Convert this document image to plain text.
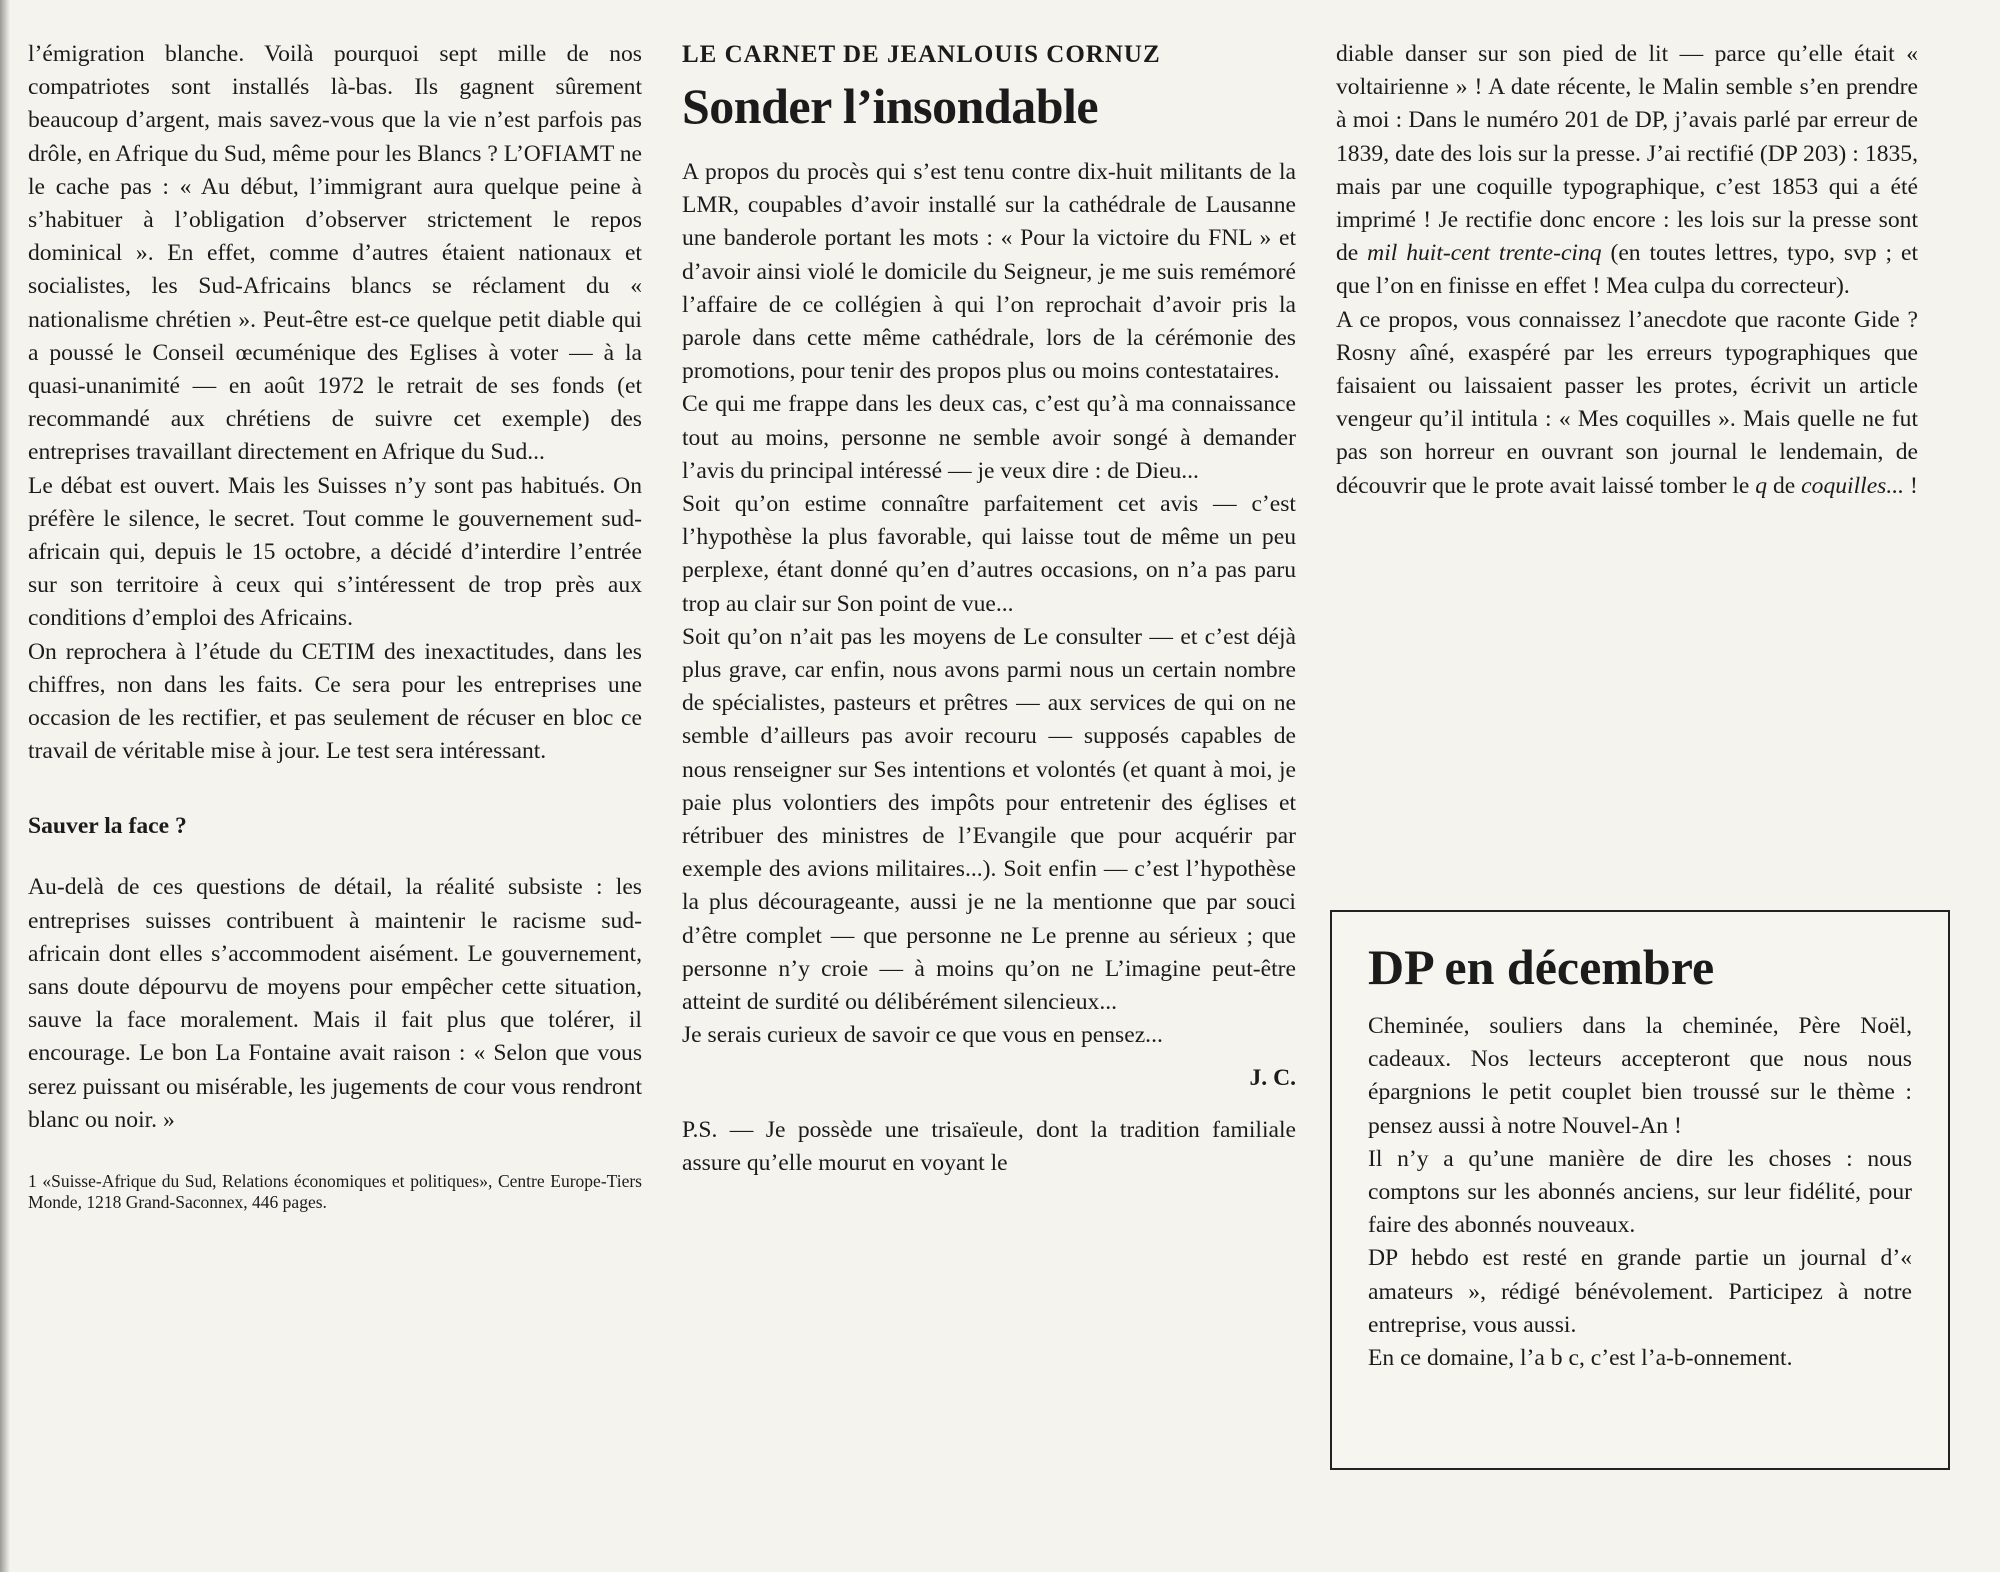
l’émigration blanche. Voilà pourquoi sept mille de nos compatriotes sont installés là-bas. Ils gagnent sûrement beaucoup d’argent, mais savez-vous que la vie n’est parfois pas drôle, en Afrique du Sud, même pour les Blancs ? L’OFIAMT ne le cache pas : « Au début, l’immigrant aura quelque peine à s’habituer à l’obligation d’observer strictement le repos dominical ». En effet, comme d’autres étaient nationaux et socialistes, les Sud-Africains blancs se réclament du « nationalisme chrétien ». Peut-être est-ce quelque petit diable qui a poussé le Conseil œcuménique des Eglises à voter — à la quasi-unanimité — en août 1972 le retrait de ses fonds (et recommandé aux chrétiens de suivre cet exemple) des entreprises travaillant directement en Afrique du Sud...

Le débat est ouvert. Mais les Suisses n’y sont pas habitués. On préfère le silence, le secret. Tout comme le gouvernement sud-africain qui, depuis le 15 octobre, a décidé d’interdire l’entrée sur son territoire à ceux qui s’intéressent de trop près aux conditions d’emploi des Africains.

On reprochera à l’étude du CETIM des inexactitudes, dans les chiffres, non dans les faits. Ce sera pour les entreprises une occasion de les rectifier, et pas seulement de récuser en bloc ce travail de véritable mise à jour. Le test sera intéressant.

Sauver la face ?

Au-delà de ces questions de détail, la réalité subsiste : les entreprises suisses contribuent à maintenir le racisme sud-africain dont elles s’accommodent aisément. Le gouvernement, sans doute dépourvu de moyens pour empêcher cette situation, sauve la face moralement. Mais il fait plus que tolérer, il encourage. Le bon La Fontaine avait raison : « Selon que vous serez puissant ou misérable, les jugements de cour vous rendront blanc ou noir. »

1 «Suisse-Afrique du Sud, Relations économiques et politiques», Centre Europe-Tiers Monde, 1218 Grand-Saconnex, 446 pages.
LE CARNET DE JEANLOUIS CORNUZ
Sonder l’insondable

A propos du procès qui s’est tenu contre dix-huit militants de la LMR, coupables d’avoir installé sur la cathédrale de Lausanne une banderole portant les mots : « Pour la victoire du FNL » et d’avoir ainsi violé le domicile du Seigneur, je me suis remémoré l’affaire de ce collégien à qui l’on reprochait d’avoir pris la parole dans cette même cathédrale, lors de la cérémonie des promotions, pour tenir des propos plus ou moins contestataires.

Ce qui me frappe dans les deux cas, c’est qu’à ma connaissance tout au moins, personne ne semble avoir songé à demander l’avis du principal intéressé — je veux dire : de Dieu...

Soit qu’on estime connaître parfaitement cet avis — c’est l’hypothèse la plus favorable, qui laisse tout de même un peu perplexe, étant donné qu’en d’autres occasions, on n’a pas paru trop au clair sur Son point de vue...

Soit qu’on n’ait pas les moyens de Le consulter — et c’est déjà plus grave, car enfin, nous avons parmi nous un certain nombre de spécialistes, pasteurs et prêtres — aux services de qui on ne semble d’ailleurs pas avoir recouru — supposés capables de nous renseigner sur Ses intentions et volontés (et quant à moi, je paie plus volontiers des impôts pour entretenir des églises et rétribuer des ministres de l’Evangile que pour acquérir par exemple des avions militaires...). Soit enfin — c’est l’hypothèse la plus décourageante, aussi je ne la mentionne que par souci d’être complet — que personne ne Le prenne au sérieux ; que personne n’y croie — à moins qu’on ne L’imagine peut-être atteint de surdité ou délibérément silencieux...

Je serais curieux de savoir ce que vous en pensez...

J. C.

P.S. — Je possède une trisaïeule, dont la tradition familiale assure qu’elle mourut en voyant le

diable danser sur son pied de lit — parce qu’elle était « voltairienne » ! A date récente, le Malin semble s’en prendre à moi : Dans le numéro 201 de DP, j’avais parlé par erreur de 1839, date des lois sur la presse. J’ai rectifié (DP 203) : 1835, mais par une coquille typographique, c’est 1853 qui a été imprimé ! Je rectifie donc encore : les lois sur la presse sont de mil huit-cent trente-cinq (en toutes lettres, typo, svp ; et que l’on en finisse en effet ! Mea culpa du correcteur).

A ce propos, vous connaissez l’anecdote que raconte Gide ? Rosny aîné, exaspéré par les erreurs typographiques que faisaient ou laissaient passer les protes, écrivit un article vengeur qu’il intitula : « Mes coquilles ». Mais quelle ne fut pas son horreur en ouvrant son journal le lendemain, de découvrir que le prote avait laissé tomber le q de coquilles... !

DP en décembre

Cheminée, souliers dans la cheminée, Père Noël, cadeaux. Nos lecteurs accepteront que nous nous épargnions le petit couplet bien troussé sur le thème : pensez aussi à notre Nouvel-An !

Il n’y a qu’une manière de dire les choses : nous comptons sur les abonnés anciens, sur leur fidélité, pour faire des abonnés nouveaux.

DP hebdo est resté en grande partie un journal d’« amateurs », rédigé bénévolement. Participez à notre entreprise, vous aussi.

En ce domaine, l’a b c, c’est l’a-b-onnement.
